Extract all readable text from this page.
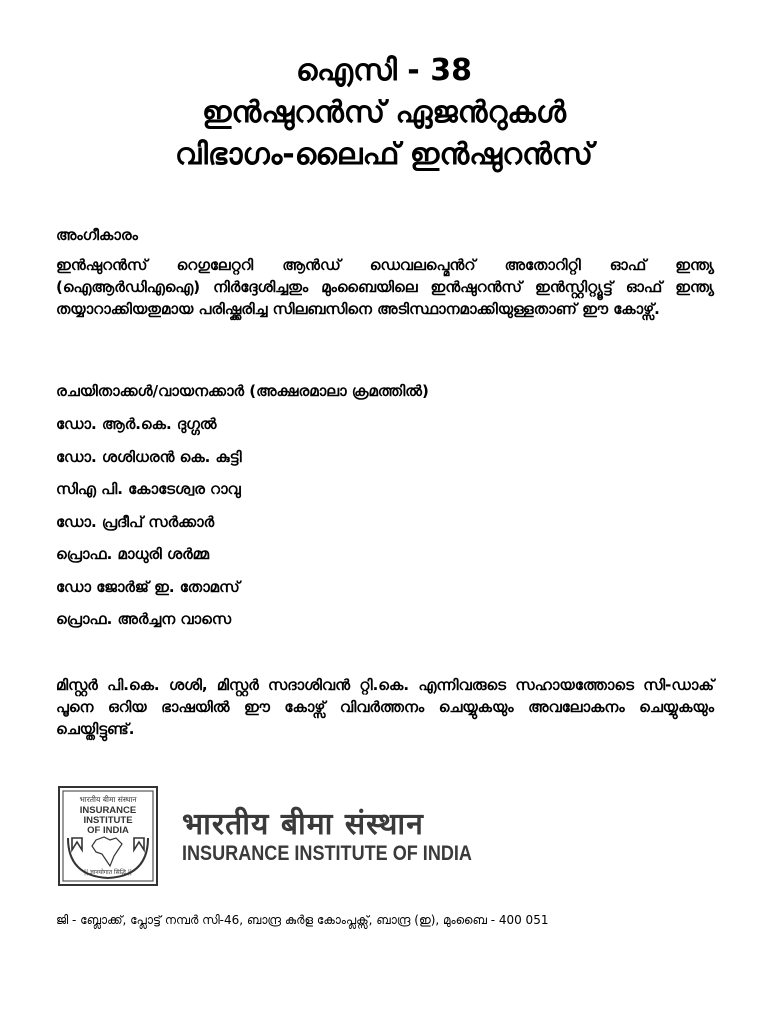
ഐസി - 38
ഇൻഷുറൻസ് ഏജൻറുകൾ
വിഭാഗം-ലൈഫ് ഇൻഷുറൻസ്
അംഗീകാരം

ഇൻഷുറൻസ് റെഗുലേറ്ററി ആൻഡ് ഡെവലപ്മെൻറ് അതോറിറ്റി ഓഫ് ഇന്ത്യ (ഐആർഡിഎഐ) നിർദ്ദേശിച്ചതും മുംബൈയിലെ ഇൻഷുറൻസ് ഇൻസ്റ്റിറ്റ്യൂട്ട് ഓഫ് ഇന്ത്യ തയ്യാറാക്കിയതുമായ പരിഷ്ക്കരിച്ച സിലബസിനെ അടിസ്ഥാനമാക്കിയുള്ളതാണ് ഈ കോഴ്സ്.

രചയിതാക്കൾ/വായനക്കാർ (അക്ഷരമാലാ ക്രമത്തിൽ)
ഡോ. ആർ.കെ. ദുഗ്ഗൽ
ഡോ. ശശിധരൻ കെ. കുട്ടി
സിഎ പി. കോടേശ്വര റാവു
ഡോ. പ്രദീപ് സർക്കാർ
പ്രൊഫ. മാധുരി ശർമ്മ
ഡോ ജോർജ് ഇ. തോമസ്
പ്രൊഫ. അർച്ചന വാസെ

മിസ്റ്റർ പി.കെ. ശശി, മിസ്റ്റർ സദാശിവൻ റ്റി.കെ. എന്നിവരുടെ സഹായത്തോടെ സി-ഡാക് പൂനെ ഒറിയ ഭാഷയിൽ ഈ കോഴ്സ് വിവർത്തനം ചെയ്യുകയും അവലോകനം ചെയ്യുകയും ചെയ്തിട്ടുണ്ട്.

भारतीय बीमा संस्थान
INSURANCE
INSTITUTE
OF INDIA
|| ज्ञानयोगात सिद्धि ||
भारतीय बीमा संस्थान
INSURANCE INSTITUTE OF INDIA
ജി - ബ്ലോക്ക്, പ്ലോട്ട് നമ്പർ സി-46, ബാന്ദ്ര കുർള കോംപ്ലക്സ്, ബാന്ദ്ര (ഇ), മുംബൈ - 400 051
